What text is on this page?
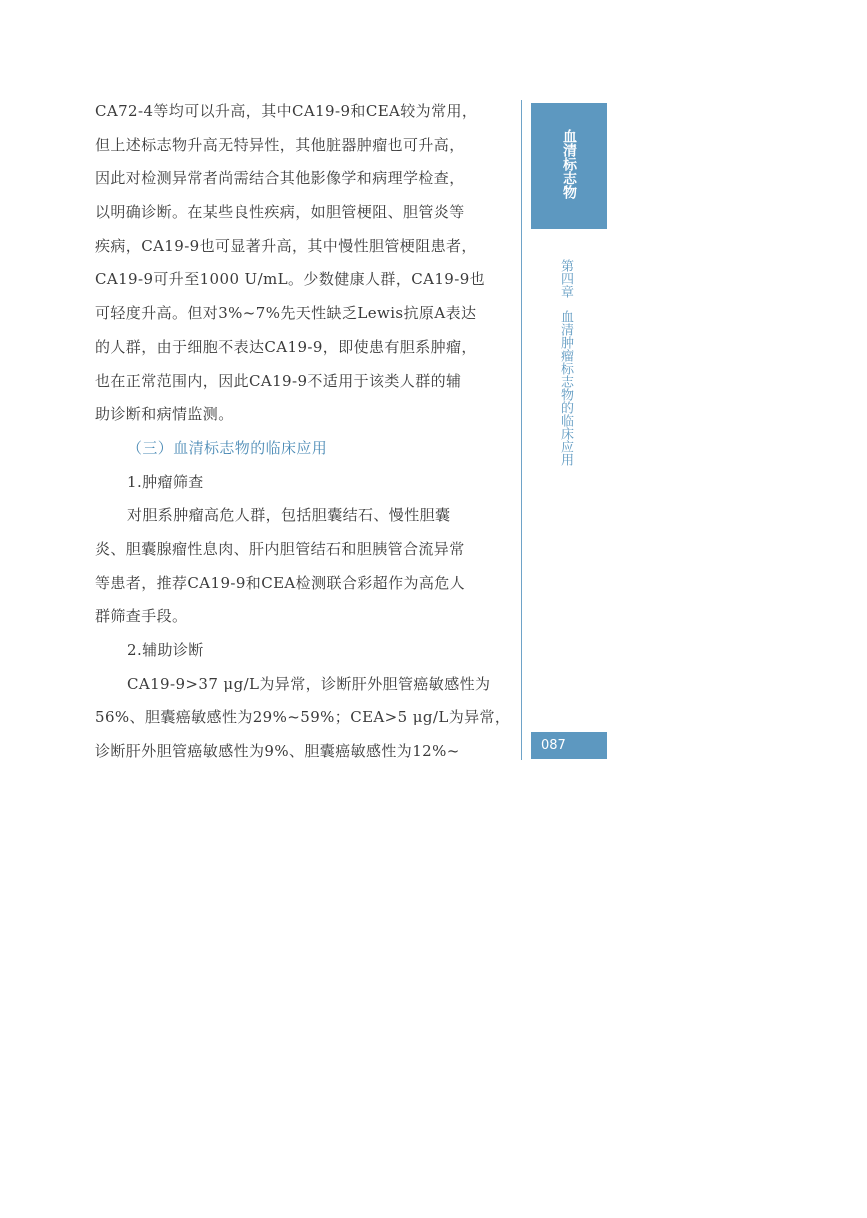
CA72-4等均可以升高，其中CA19-9和CEA较为常用，
但上述标志物升高无特异性，其他脏器肿瘤也可升高，
因此对检测异常者尚需结合其他影像学和病理学检查，
以明确诊断。在某些良性疾病，如胆管梗阻、胆管炎等
疾病，CA19-9也可显著升高，其中慢性胆管梗阻患者，
CA19-9可升至1000 U/mL。少数健康人群，CA19-9也
可轻度升高。但对3%~7%先天性缺乏Lewis抗原A表达
的人群，由于细胞不表达CA19-9，即使患有胆系肿瘤，
也在正常范围内，因此CA19-9不适用于该类人群的辅
助诊断和病情监测。
（三）血清标志物的临床应用
1.肿瘤筛查
对胆系肿瘤高危人群，包括胆囊结石、慢性胆囊
炎、胆囊腺瘤性息肉、肝内胆管结石和胆胰管合流异常
等患者，推荐CA19-9和CEA检测联合彩超作为高危人
群筛查手段。
2.辅助诊断
CA19-9>37 μg/L为异常，诊断肝外胆管癌敏感性为
56%、胆囊癌敏感性为29%~59%；CEA>5 μg/L为异常，
诊断肝外胆管癌敏感性为9%、胆囊癌敏感性为12%~
血清标志物
第四章血清肿瘤标志物的临床应用
087
